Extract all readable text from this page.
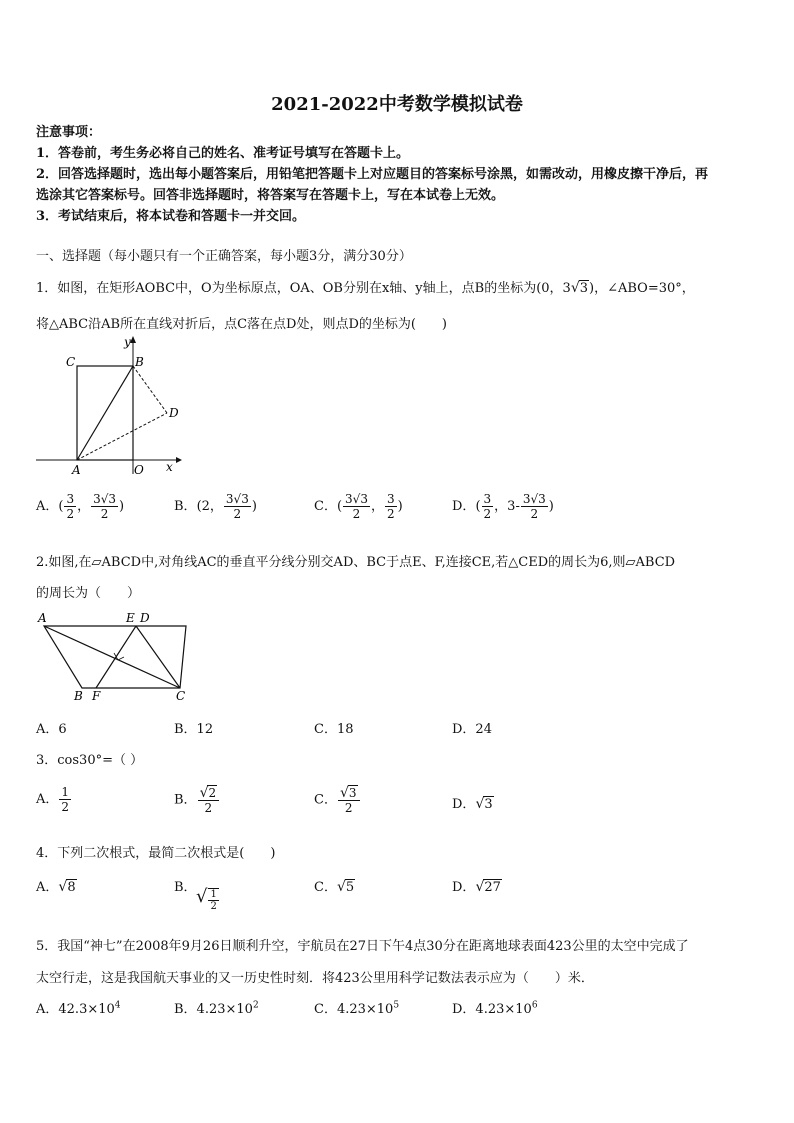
2021-2022中考数学模拟试卷
注意事项：
1．答卷前，考生务必将自己的姓名、准考证号填写在答题卡上。
2．回答选择题时，选出每小题答案后，用铅笔把答题卡上对应题目的答案标号涂黑，如需改动，用橡皮擦干净后，再
选涂其它答案标号。回答非选择题时，将答案写在答题卡上，写在本试卷上无效。
3．考试结束后，将本试卷和答题卡一并交回。
一、选择题（每小题只有一个正确答案，每小题3分，满分30分）
1．如图，在矩形AOBC中，O为坐标原点，OA、OB分别在x轴、y轴上，点B的坐标为(0，3√3)，∠ABO=30°，
将△ABC沿AB所在直线对折后，点C落在点D处，则点D的坐标为(　　)
C	B
y
D
A	O x
A．( $\frac{3}{2}$ ， $\frac{3√3}{2}$ )	B．(2， $\frac{3√3}{2}$ )	C．( $\frac{3√3}{2}$ ， $\frac{3}{2}$ )	D．( $\frac{3}{2}$ ，$3- \frac{3√3}{2}$ )
2.如图,在▱ABCD中,对角线AC的垂直平分线分别交AD、BC于点E、F,连接CE,若△CED的周长为6,则▱ABCD
的周长为（　　）
A	E D
B F	C
A．6	B．12	C．18	D．24
3．cos30°=（ ）
A． $\frac{1}{2}$	B． $\frac{√2}{2}$	C． $\frac{√3}{2}$	D．√3
4．下列二次根式，最简二次根式是(　　)
A．√8	B． √ $\frac{1}{2}$	C．√5	D．√27
5．我国“神七”在2008年9月26日顺利升空，宇航员在27日下午4点30分在距离地球表面423公里的太空中完成了
太空行走，这是我国航天事业的又一历史性时刻．将423公里用科学记数法表示应为（　　）米．
A．$42.3\times 10^4$	B．$4.23\times 10^2$	C．$4.23\times 10^5$	D．$4.23\times 10^6$
